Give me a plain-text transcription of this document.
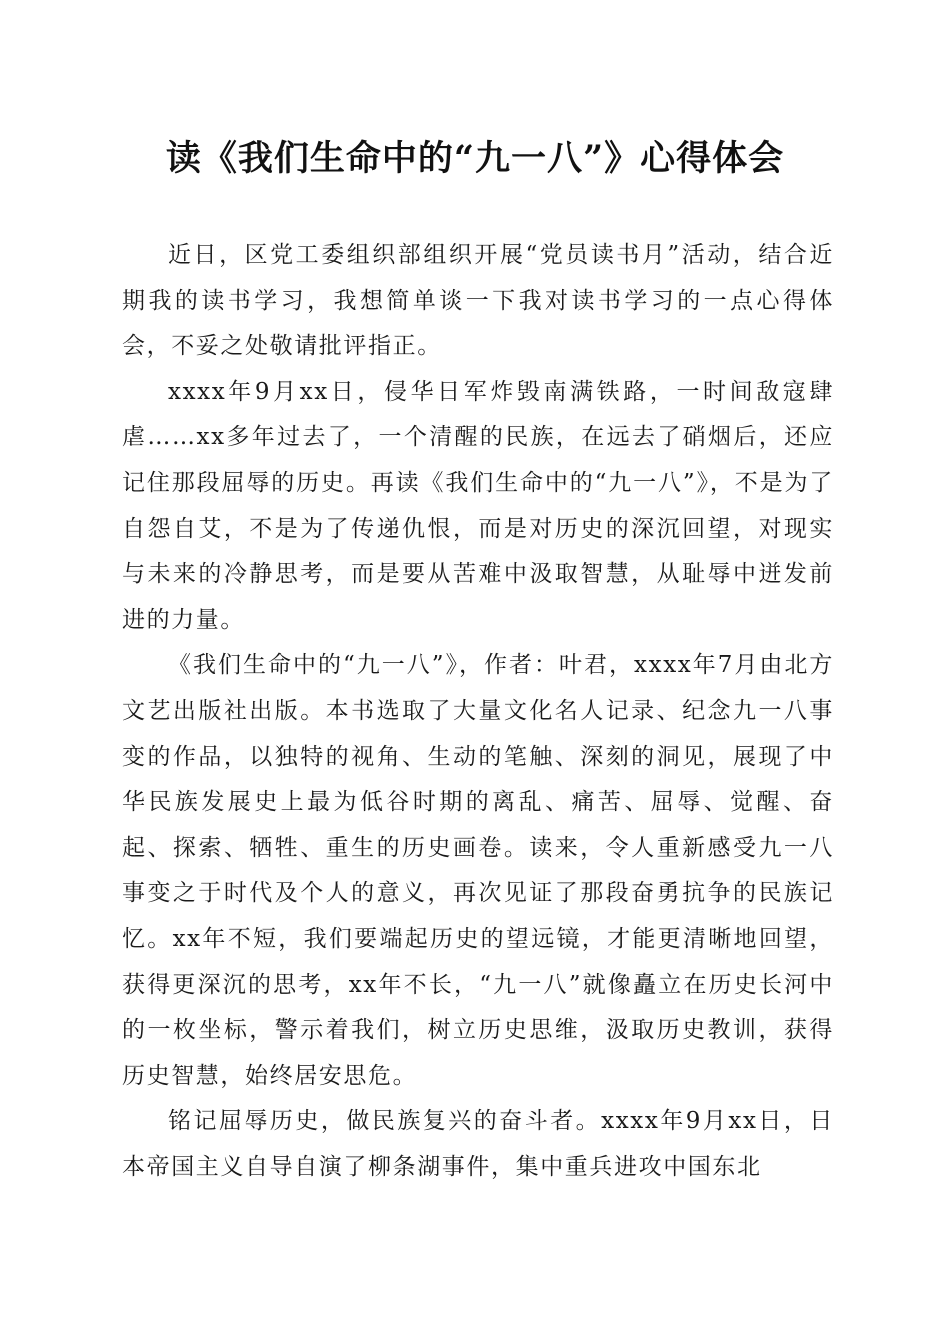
读《我们生命中的“九一八”》心得体会

近日，区党工委组织部组织开展“党员读书月”活动，结合近期我的读书学习，我想简单谈一下我对读书学习的一点心得体会，不妥之处敬请批评指正。

xxxx年9月xx日，侵华日军炸毁南满铁路，一时间敌寇肆虐……xx多年过去了，一个清醒的民族，在远去了硝烟后，还应记住那段屈辱的历史。再读《我们生命中的“九一八”》，不是为了自怨自艾，不是为了传递仇恨，而是对历史的深沉回望，对现实与未来的冷静思考，而是要从苦难中汲取智慧，从耻辱中迸发前进的力量。

《我们生命中的“九一八”》，作者：叶君，xxxx年7月由北方文艺出版社出版。本书选取了大量文化名人记录、纪念九一八事变的作品，以独特的视角、生动的笔触、深刻的洞见，展现了中华民族发展史上最为低谷时期的离乱、痛苦、屈辱、觉醒、奋起、探索、牺牲、重生的历史画卷。读来，令人重新感受九一八事变之于时代及个人的意义，再次见证了那段奋勇抗争的民族记忆。xx年不短，我们要端起历史的望远镜，才能更清晰地回望，获得更深沉的思考，xx年不长，“九一八”就像矗立在历史长河中的一枚坐标，警示着我们，树立历史思维，汲取历史教训，获得历史智慧，始终居安思危。

铭记屈辱历史，做民族复兴的奋斗者。xxxx年9月xx日，日本帝国主义自导自演了柳条湖事件，集中重兵进攻中国东北
